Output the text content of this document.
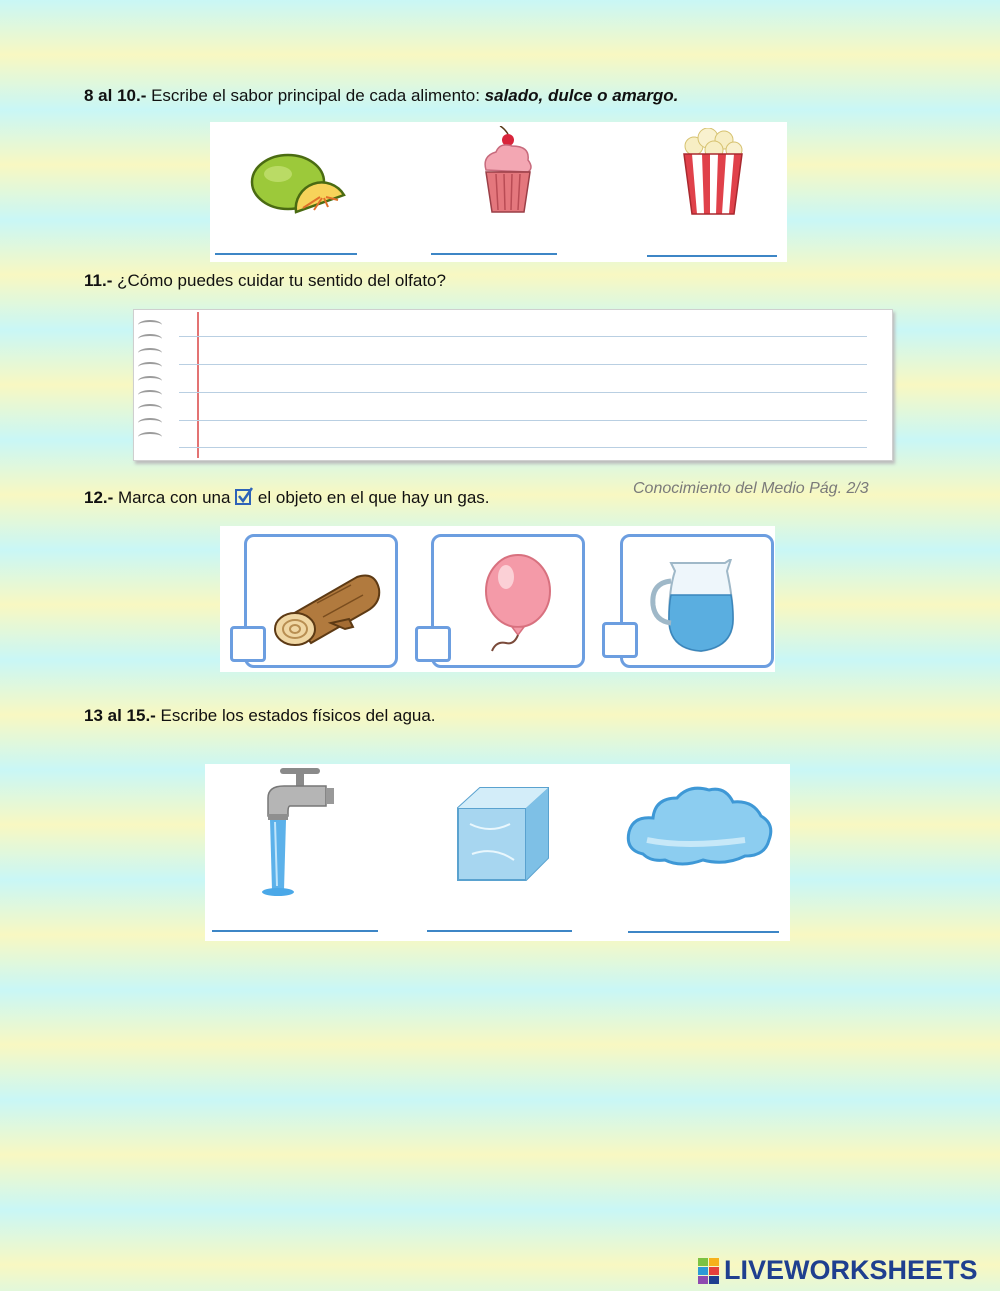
8 al 10.- Escribe el sabor principal de cada alimento: salado, dulce o amargo.
11.- ¿Cómo puedes cuidar tu sentido del olfato?
12.- Marca con una  el objeto en el que hay un gas.	Conocimiento del Medio Pág. 2/3
13 al 15.- Escribe los estados físicos del agua.
LIVEWORKSHEETS
